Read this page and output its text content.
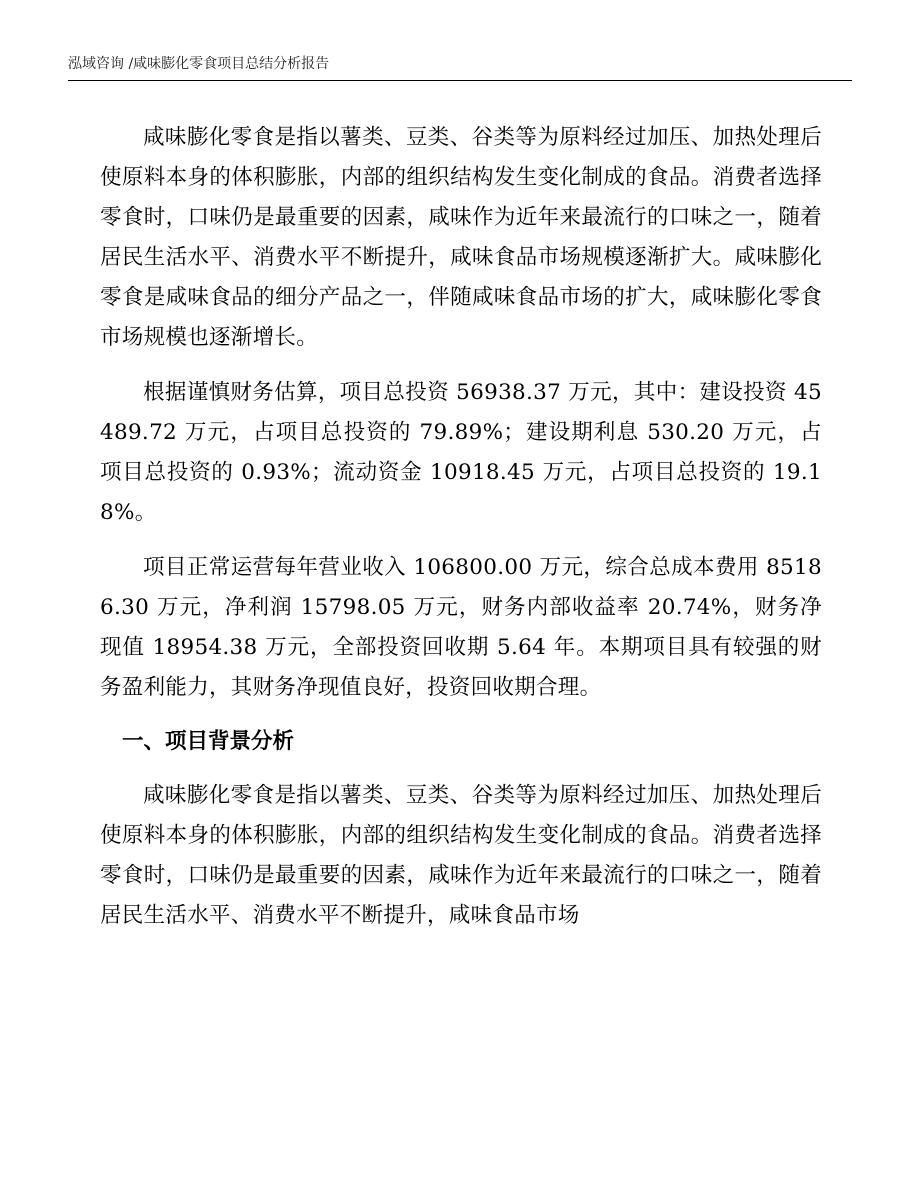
泓域咨询 /咸味膨化零食项目总结分析报告

咸味膨化零食是指以薯类、豆类、谷类等为原料经过加压、加热处理后使原料本身的体积膨胀，内部的组织结构发生变化制成的食品。消费者选择零食时，口味仍是最重要的因素，咸味作为近年来最流行的口味之一，随着居民生活水平、消费水平不断提升，咸味食品市场规模逐渐扩大。咸味膨化零食是咸味食品的细分产品之一，伴随咸味食品市场的扩大，咸味膨化零食市场规模也逐渐增长。

根据谨慎财务估算，项目总投资 56938.37 万元，其中：建设投资 45489.72 万元，占项目总投资的 79.89%；建设期利息 530.20 万元，占项目总投资的 0.93%；流动资金 10918.45 万元，占项目总投资的 19.18%。

项目正常运营每年营业收入 106800.00 万元，综合总成本费用 85186.30 万元，净利润 15798.05 万元，财务内部收益率 20.74%，财务净现值 18954.38 万元，全部投资回收期 5.64 年。本期项目具有较强的财务盈利能力，其财务净现值良好，投资回收期合理。

一、项目背景分析

咸味膨化零食是指以薯类、豆类、谷类等为原料经过加压、加热处理后使原料本身的体积膨胀，内部的组织结构发生变化制成的食品。消费者选择零食时，口味仍是最重要的因素，咸味作为近年来最流行的口味之一，随着居民生活水平、消费水平不断提升，咸味食品市场
